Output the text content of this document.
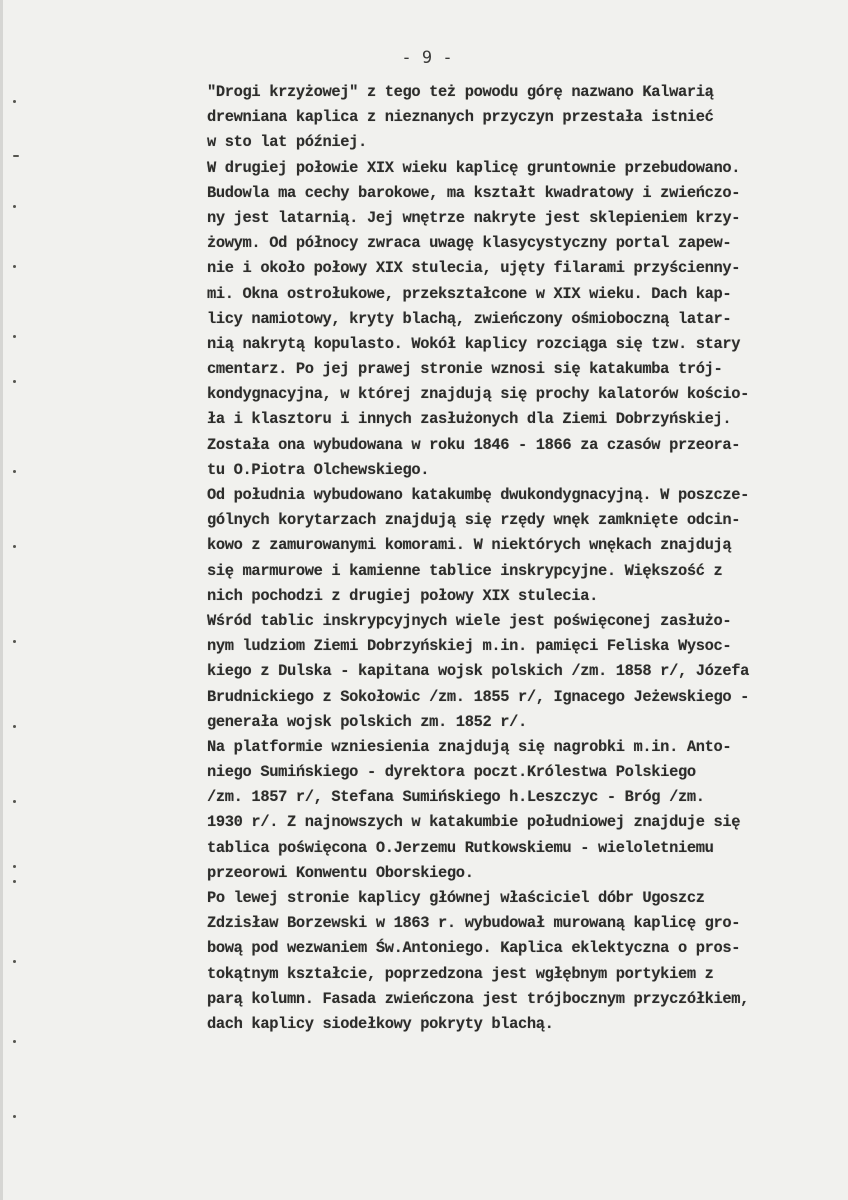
- 9 -
"Drogi krzyżowej" z tego też powodu górę nazwano Kalwarią
drewniana kaplica z nieznanych przyczyn przestała istnieć
w sto lat później.
W drugiej połowie XIX wieku kaplicę gruntownie przebudowano.
Budowla ma cechy barokowe, ma kształt kwadratowy i zwieńczo-
ny jest latarnią. Jej wnętrze nakryte jest sklepieniem krzy-
żowym. Od północy zwraca uwagę klasycystyczny portal zapew-
nie i około połowy XIX stulecia, ujęty filarami przyścienny-
mi. Okna ostrołukowe, przekształcone w XIX wieku. Dach kap-
licy namiotowy, kryty blachą, zwieńczony ośmioboczną latar-
nią nakrytą kopulasto. Wokół kaplicy rozciąga się tzw. stary
cmentarz. Po jej prawej stronie wznosi się katakumba trój-
kondygnacyjna, w której znajdują się prochy kalatorów kościo-
ła i klasztoru i innych zasłużonych dla Ziemi Dobrzyńskiej.
Została ona wybudowana w roku 1846 - 1866 za czasów przeora-
tu O.Piotra Olchewskiego.
Od południa wybudowano katakumbę dwukondygnacyjną. W poszcze-
gólnych korytarzach znajdują się rzędy wnęk zamknięte odcin-
kowo z zamurowanymi komorami. W niektórych wnękach znajdują
się marmurowe i kamienne tablice inskrypcyjne. Większość z
nich pochodzi z drugiej połowy XIX stulecia.
Wśród tablic inskrypcyjnych wiele jest poświęconej zasłużo-
nym ludziom Ziemi Dobrzyńskiej m.in. pamięci Feliska Wysoc-
kiego z Dulska - kapitana wojsk polskich /zm. 1858 r/, Józefa
Brudnickiego z Sokołowic /zm. 1855 r/, Ignacego Jeżewskiego -
generała wojsk polskich zm. 1852 r/.
Na platformie wzniesienia znajdują się nagrobki m.in. Anto-
niego Sumińskiego - dyrektora poczt.Królestwa Polskiego
/zm. 1857 r/, Stefana Sumińskiego h.Leszczyc - Bróg /zm.
1930 r/. Z najnowszych w katakumbie południowej znajduje się
tablica poświęcona O.Jerzemu Rutkowskiemu - wieloletniemu
przeorowi Konwentu Oborskiego.
Po lewej stronie kaplicy głównej właściciel dóbr Ugoszcz
Zdzisław Borzewski w 1863 r. wybudował murowaną kaplicę gro-
bową pod wezwaniem Św.Antoniego. Kaplica eklektyczna o pros-
tokątnym kształcie, poprzedzona jest wgłębnym portykiem z
parą kolumn. Fasada zwieńczona jest trójbocznym przyczółkiem,
dach kaplicy siodełkowy pokryty blachą.
